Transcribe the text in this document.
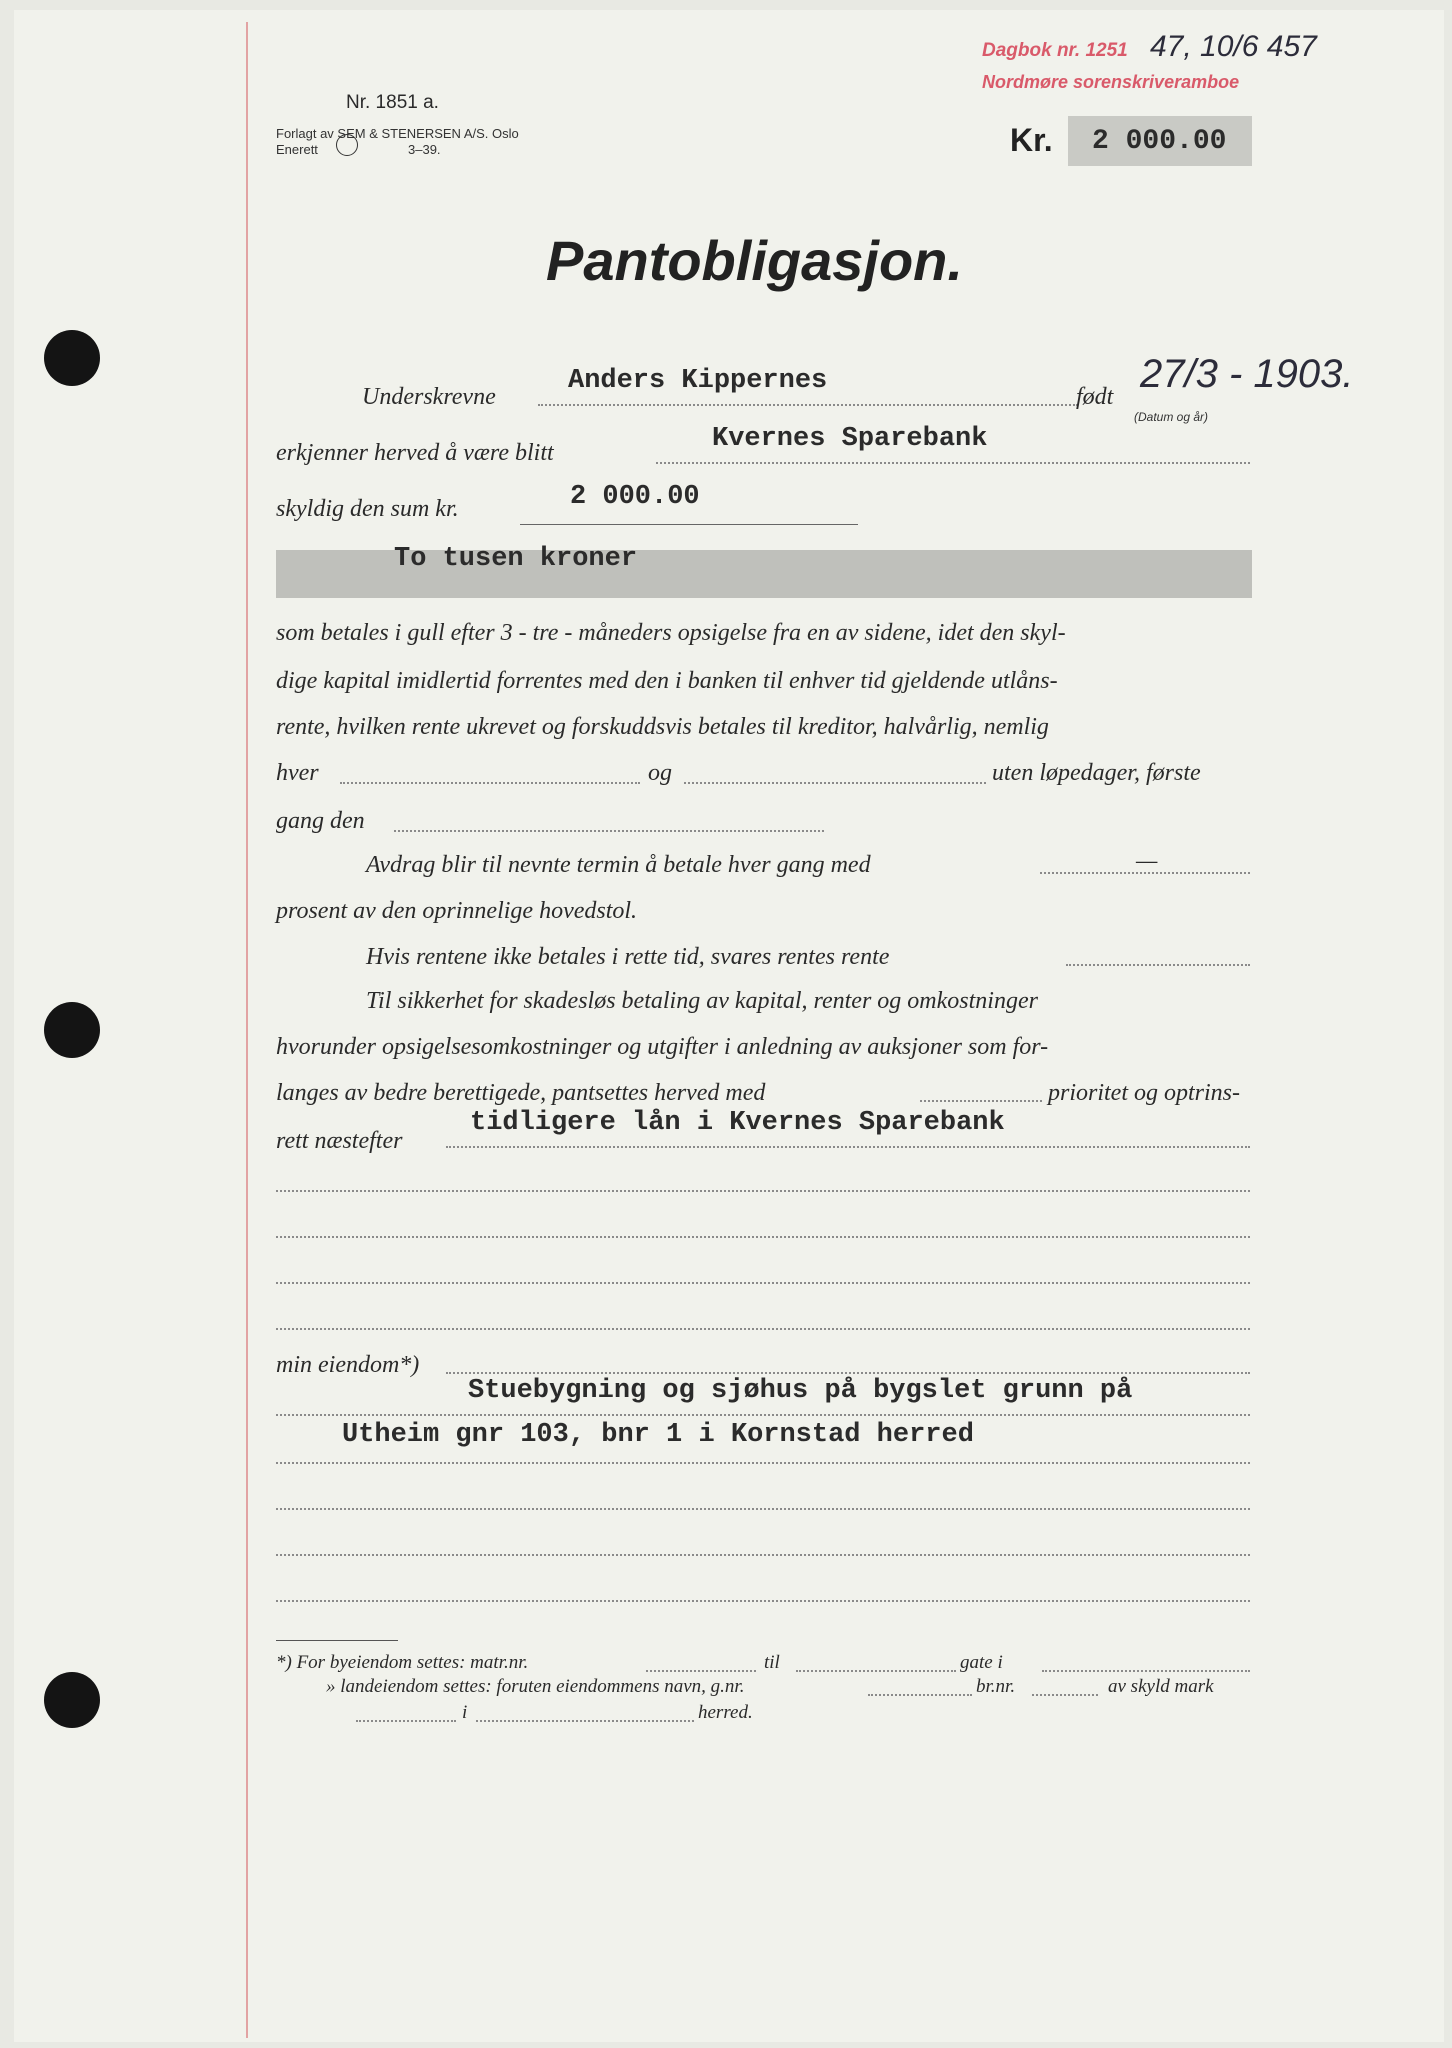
Dagbok nr. 1251 47, 10/6 457
Nordmøre sorenskriveramboe
Nr. 1851 a.
Forlagt av SEM & STENERSEN A/S. Oslo
Enerett	3–39.	Kr. 2 000.00
Pantobligasjon.
Underskrevne
Anders Kippernes
født
27/3 - 1903.
(Datum og år)
erkjenner herved å være blitt	Kvernes Sparebank
skyldig den sum kr.	2 000.00
To tusen kroner
som betales i gull efter 3 - tre - måneders opsigelse fra en av sidene, idet den skyl-
dige kapital imidlertid forrentes med den i banken til enhver tid gjeldende utlåns-
rente, hvilken rente ukrevet og forskuddsvis betales til kreditor, halvårlig, nemlig
hver	og	uten løpedager, første
gang den
Avdrag blir til nevnte termin å betale hver gang med	—
prosent av den oprinnelige hovedstol.
Hvis rentene ikke betales i rette tid, svares rentes rente
Til sikkerhet for skadesløs betaling av kapital, renter og omkostninger
hvorunder opsigelsesomkostninger og utgifter i anledning av auksjoner som for-
langes av bedre berettigede, pantsettes herved med	prioritet og optrins-
rett næstefter
tidligere lån i Kvernes Sparebank
min eiendom*)
Stuebygning og sjøhus på bygslet grunn på
Utheim gnr 103, bnr 1 i Kornstad herred
*) For byeiendom settes: matr.nr.	til	gate i
» landeiendom settes: foruten eiendommens navn, g.nr.	br.nr.	av skyld mark
i	herred.
